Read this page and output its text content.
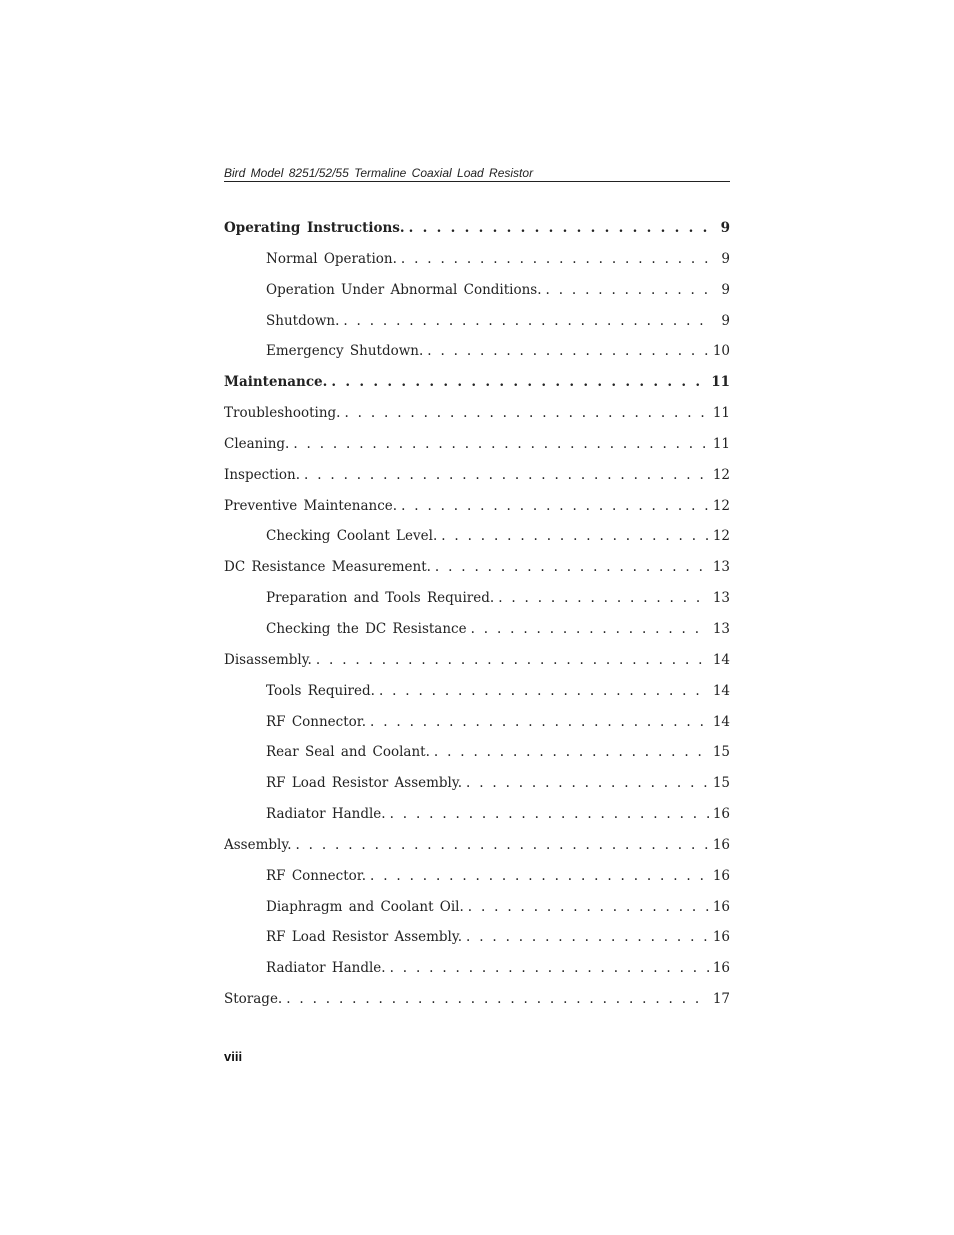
Bird Model 8251/52/55 Termaline Coaxial Load Resistor
Operating Instructions. . . .	9
Normal Operation. . . .	9
Operation Under Abnormal Conditions. . . .	9
Shutdown. . . .	9
Emergency Shutdown. . . .	10
Maintenance. . . .	11
Troubleshooting. . . .	11
Cleaning. . . .	11
Inspection. . . .	12
Preventive Maintenance. . . .	12
Checking Coolant Level. . . .	12
DC Resistance Measurement. . . .	13
Preparation and Tools Required. . . .	13
Checking the DC Resistance . . .	13
Disassembly. . . .	14
Tools Required. . . .	14
RF Connector. . . .	14
Rear Seal and Coolant. . . .	15
RF Load Resistor Assembly. . . .	15
Radiator Handle. . . .	16
Assembly. . . .	16
RF Connector. . . .	16
Diaphragm and Coolant Oil. . . .	16
RF Load Resistor Assembly. . . .	16
Radiator Handle. . . .	16
Storage. . . .	17
viii
